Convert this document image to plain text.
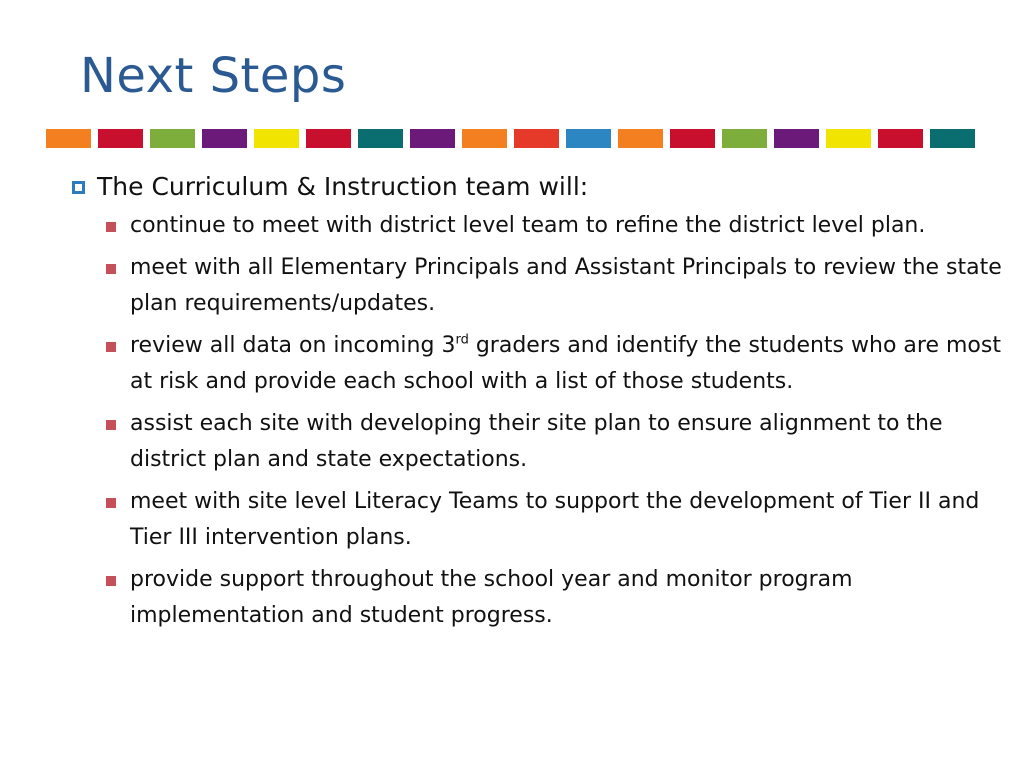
Next Steps
The Curriculum & Instruction team will:
continue to meet with district level team to refine the district level plan.
meet with all Elementary Principals and Assistant Principals to review the state plan requirements/updates.
review all data on incoming 3rd graders and identify the students who are most at risk and provide each school with a list of those students.
assist each site with developing their site plan to ensure alignment to the district plan and state expectations.
meet with site level Literacy Teams to support the development of Tier II and Tier III intervention plans.
provide support throughout the school year and monitor program implementation and student progress.
